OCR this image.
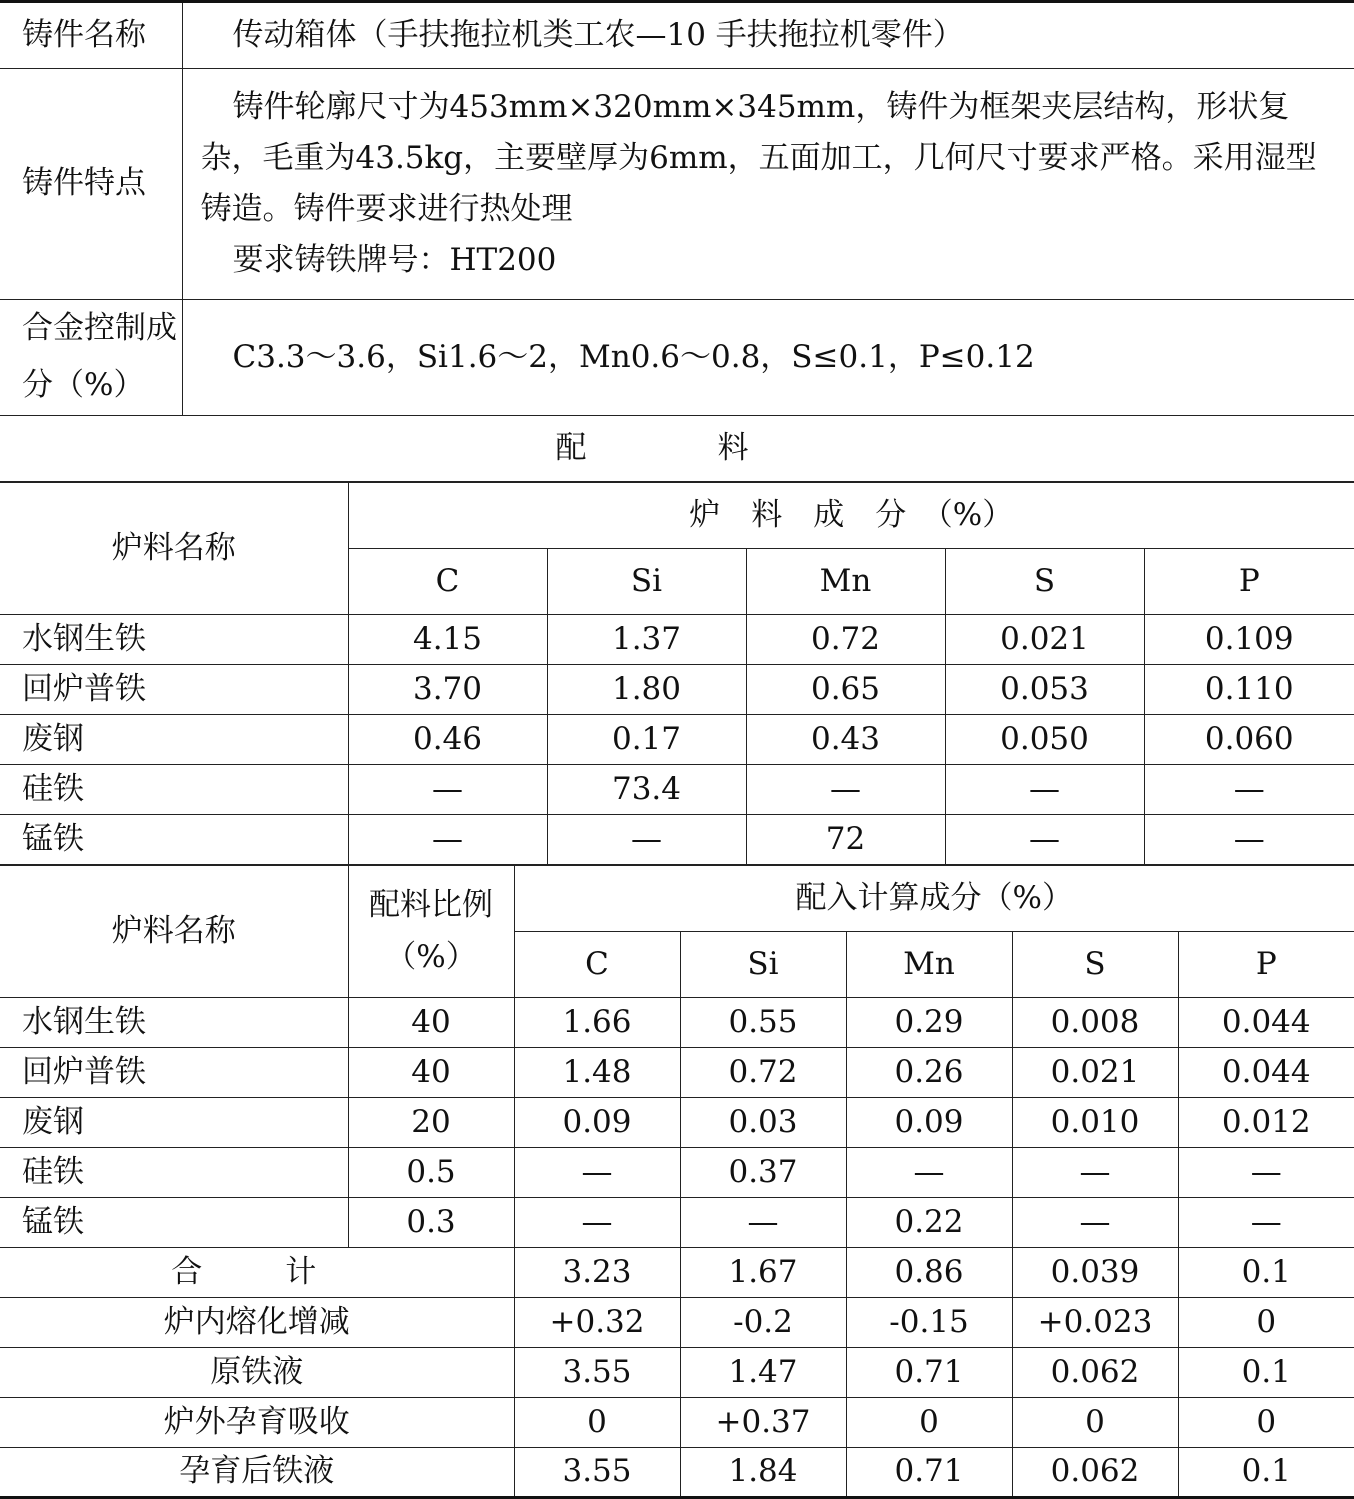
铸件名称	传动箱体（手扶拖拉机类工农—10 手扶拖拉机零件）
铸件特点	铸件轮廓尺寸为453mm×320mm×345mm，铸件为框架夹层结构，形状复杂，毛重为43.5kg，主要壁厚为6mm，五面加工，几何尺寸要求严格。采用湿型铸造。铸件要求进行热处理

要求铸铁牌号：HT200

合金控制成分（%）	C3.3～3.6，Si1.6～2，Mn0.6～0.8，S≤0.1，P≤0.12
配　料	
炉料名称	炉　料　成　分　（%）				
	C	Si	Mn	S	P
水钢生铁	4.15	1.37	0.72	0.021	0.109
回炉普铁	3.70	1.80	0.65	0.053	0.110
废钢	0.46	0.17	0.43	0.050	0.060
硅铁	—	73.4	—	—	—
锰铁	—	—	72	—	—
炉料名称	配料比例（%）	配入计算成分（%）				
		C	Si	Mn	S	P
水钢生铁	40	1.66	0.55	0.29	0.008	0.044
回炉普铁	40	1.48	0.72	0.26	0.021	0.044
废钢	20	0.09	0.03	0.09	0.010	0.012
硅铁	0.5	—	0.37	—	—	—
锰铁	0.3	—	—	0.22	—	—
合　计		3.23	1.67	0.86	0.039	0.1
炉内熔化增减		+0.32	-0.2	-0.15	+0.023	0
原铁液		3.55	1.47	0.71	0.062	0.1
炉外孕育吸收		0	+0.37	0	0	0
孕育后铁液		3.55	1.84	0.71	0.062	0.1
